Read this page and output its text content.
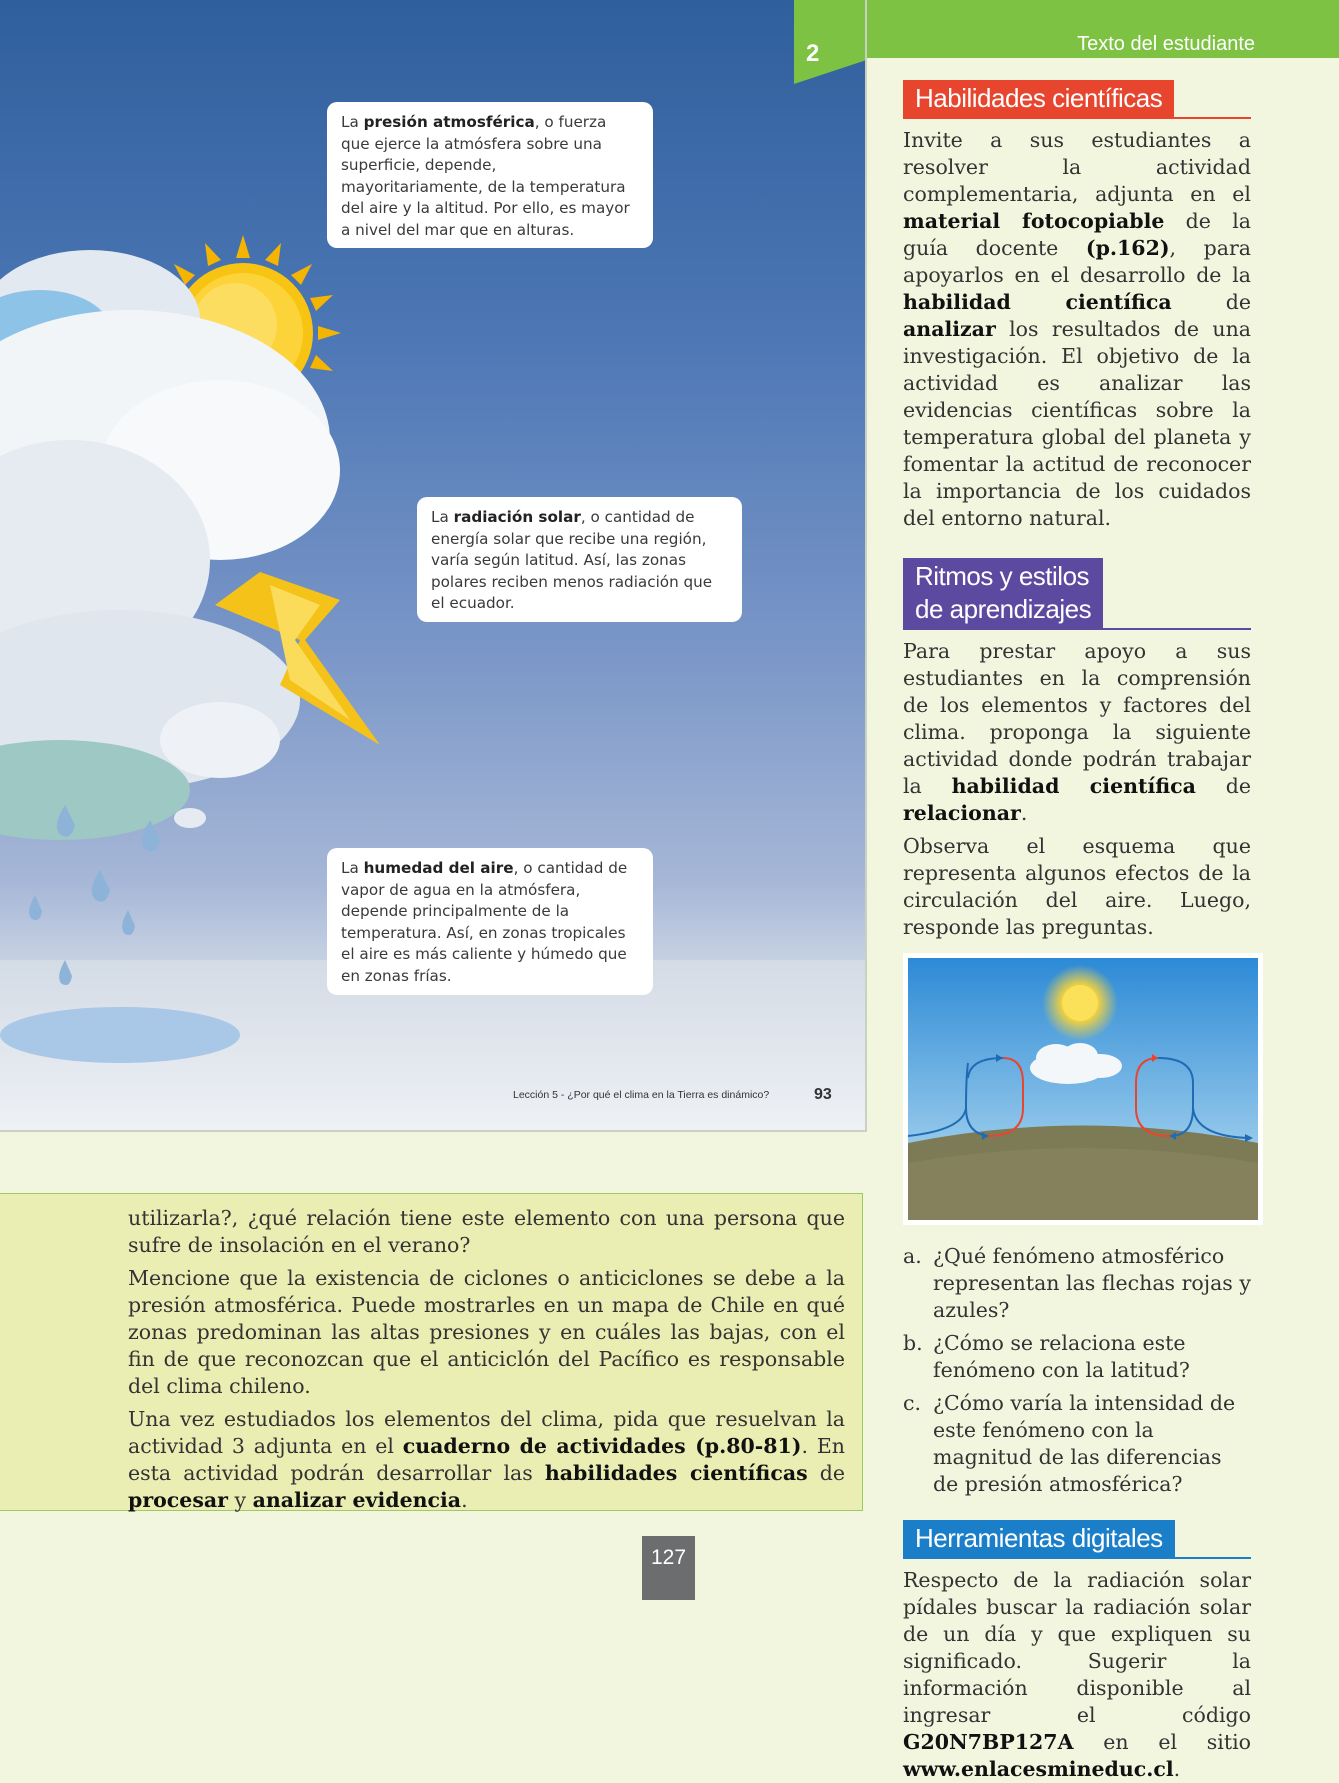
Texto del estudiante
2
La presión atmosférica, o fuerza que ejerce la atmósfera sobre una superficie, depende, mayoritariamente, de la temperatura del aire y la altitud. Por ello, es mayor a nivel del mar que en alturas.
La radiación solar, o cantidad de energía solar que recibe una región, varía según latitud. Así, las zonas polares reciben menos radiación que el ecuador.
La humedad del aire, o cantidad de vapor de agua en la atmósfera, depende principalmente de la temperatura. Así, en zonas tropicales el aire es más caliente y húmedo que en zonas frías.
Lección 5 - ¿Por qué el clima en la Tierra es dinámico?	93
Habilidades científicas

Invite a sus estudiantes a resolver la actividad complementaria, adjunta en el material fotocopiable de la guía docente (p.162), para apoyarlos en el desarrollo de la habilidad científica de analizar los resultados de una investigación. El objetivo de la actividad es analizar las evidencias científicas sobre la temperatura global del planeta y fomentar la actitud de reconocer la importancia de los cuidados del entorno natural.

Ritmos y estilos
de aprendizajes

Para prestar apoyo a sus estudiantes en la comprensión de los elementos y factores del clima. proponga la siguiente actividad donde podrán trabajar la habilidad científica de relacionar.

Observa el esquema que representa algunos efectos de la circulación del aire. Luego, responde las preguntas.

a. ¿Qué fenómeno atmosférico representan las flechas rojas y azules?
b. ¿Cómo se relaciona este fenómeno con la latitud?
c. ¿Cómo varía la intensidad de este fenómeno con la magnitud de las diferencias de presión atmosférica?
Herramientas digitales

Respecto de la radiación solar pídales buscar la radiación solar de un día y que expliquen su significado. Sugerir la información disponible al ingresar el código G20N7BP127A en el sitio www.enlacesmineduc.cl.

utilizarla?, ¿qué relación tiene este elemento con una persona que sufre de insolación en el verano?

Mencione que la existencia de ciclones o anticiclones se debe a la presión atmosférica. Puede mostrarles en un mapa de Chile en qué zonas predominan las altas presiones y en cuáles las bajas, con el fin de que reconozcan que el anticiclón del Pacífico es responsable del clima chileno.

Una vez estudiados los elementos del clima, pida que resuelvan la actividad 3 adjunta en el cuaderno de actividades (p.80-81). En esta actividad podrán desarrollar las habilidades científicas de procesar y analizar evidencia.

127
